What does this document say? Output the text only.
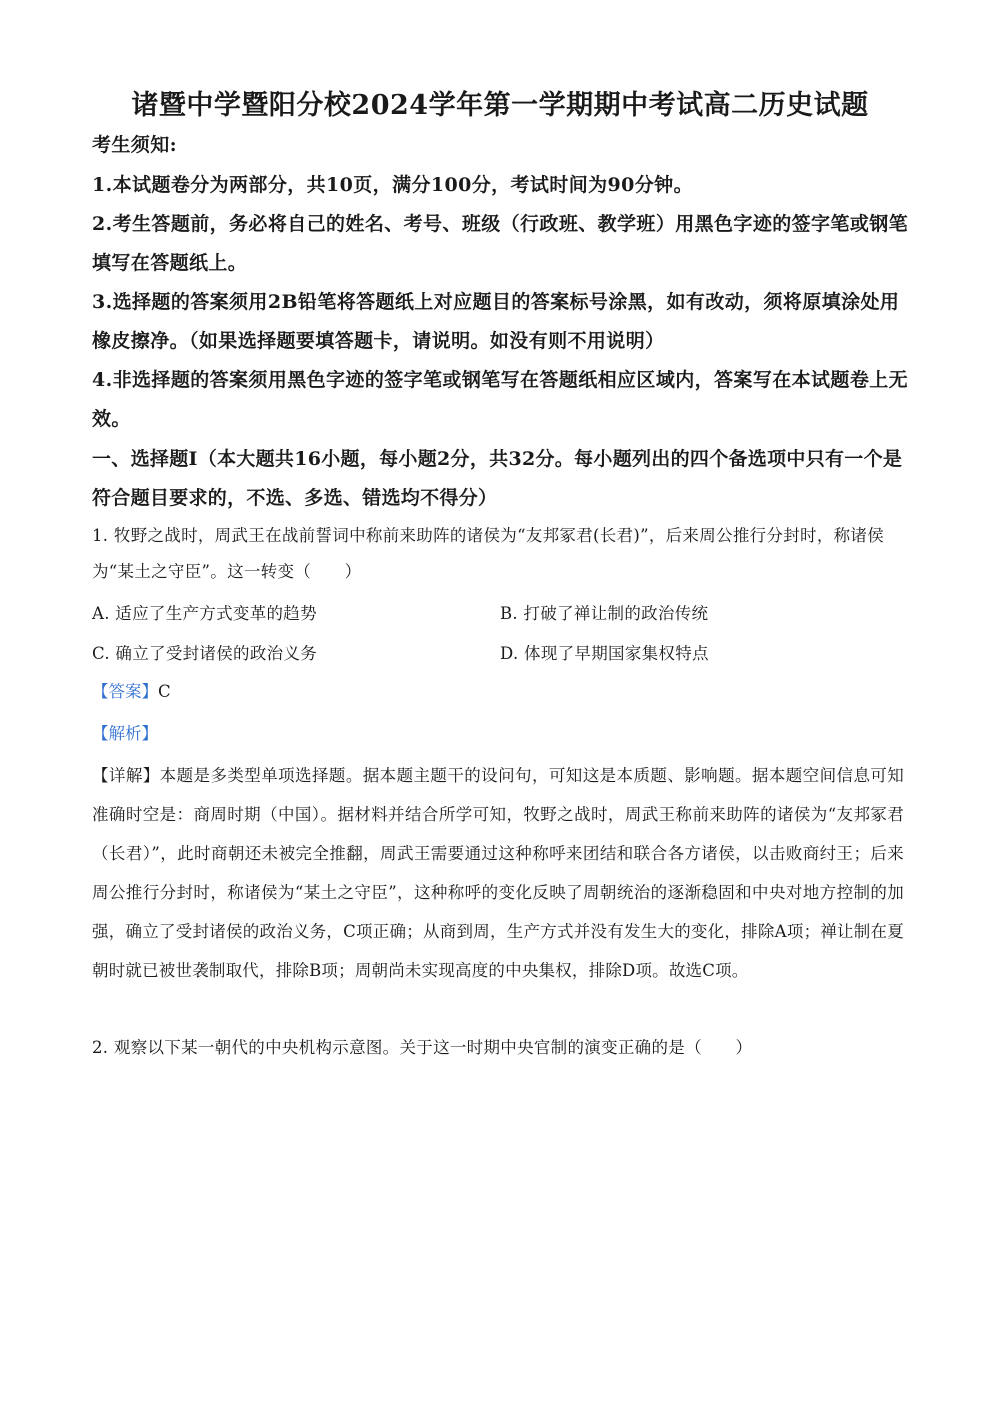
诸暨中学暨阳分校2024学年第一学期期中考试高二历史试题
考生须知:
1.本试题卷分为两部分，共10页，满分100分，考试时间为90分钟。
2.考生答题前，务必将自己的姓名、考号、班级（行政班、教学班）用黑色字迹的签字笔或钢笔填写在答题纸上。
3.选择题的答案须用2B铅笔将答题纸上对应题目的答案标号涂黑，如有改动，须将原填涂处用橡皮擦净。（如果选择题要填答题卡，请说明。如没有则不用说明）
4.非选择题的答案须用黑色字迹的签字笔或钢笔写在答题纸相应区域内，答案写在本试题卷上无效。
一、选择题Ⅰ（本大题共16小题，每小题2分，共32分。每小题列出的四个备选项中只有一个是符合题目要求的，不选、多选、错选均不得分）
1. 牧野之战时，周武王在战前誓词中称前来助阵的诸侯为“友邦冢君(长君)”，后来周公推行分封时，称诸侯为“某土之守臣”。这一转变（　　）
A. 适应了生产方式变革的趋势	B. 打破了禅让制的政治传统
C. 确立了受封诸侯的政治义务	D. 体现了早期国家集权特点
【答案】C
【解析】
【详解】本题是多类型单项选择题。据本题主题干的设问句，可知这是本质题、影响题。据本题空间信息可知准确时空是：商周时期（中国）。据材料并结合所学可知，牧野之战时，周武王称前来助阵的诸侯为“友邦冢君（长君）”，此时商朝还未被完全推翻，周武王需要通过这种称呼来团结和联合各方诸侯，以击败商纣王；后来周公推行分封时，称诸侯为“某土之守臣”，这种称呼的变化反映了周朝统治的逐渐稳固和中央对地方控制的加强，确立了受封诸侯的政治义务，C项正确；从商到周，生产方式并没有发生大的变化，排除A项；禅让制在夏朝时就已被世袭制取代，排除B项；周朝尚未实现高度的中央集权，排除D项。故选C项。
2. 观察以下某一朝代的中央机构示意图。关于这一时期中央官制的演变正确的是（　　）
